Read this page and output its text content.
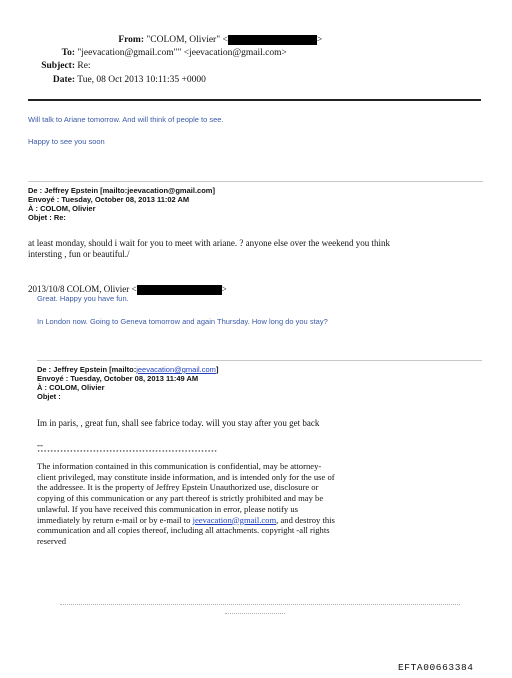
From: "COLOM, Olivier" <	>
To: "jeevacation@gmail.com"" <jeevacation@gmail.com>
Subject: Re:
Date: Tue, 08 Oct 2013 10:11:35 +0000
Will talk to Ariane tomorrow. And will think of people to see.
Happy to see you soon
De : Jeffrey Epstein [mailto:jeevacation@gmail.com]
Envoyé : Tuesday, October 08, 2013 11:02 AM
À : COLOM, Olivier
Objet : Re:
at least monday, should i wait for you to meet with ariane. ? anyone else over the weekend you think
intersting , fun or beautiful./
2013/10/8 COLOM, Olivier <	>
Great. Happy you have fun.
In London now. Going to Geneva tomorrow and again Thursday. How long do you stay?
De : Jeffrey Epstein [mailto:jeevacation@gmail.com]
Envoyé : Tuesday, October 08, 2013 11:49 AM
À : COLOM, Olivier
Objet :
Im in paris, , great fun, shall see fabrice today. will you stay after you get back
--
*******************************************************
The information contained in this communication is confidential, may be attorney-client privileged, may constitute inside information, and is intended only for the use of the addressee. It is the property of Jeffrey Epstein Unauthorized use, disclosure or copying of this communication or any part thereof is strictly prohibited and may be unlawful. If you have received this communication in error, please notify us immediately by return e-mail or by e-mail to jeevacation@gmail.com, and destroy this communication and all copies thereof, including all attachments. copyright -all rights reserved
EFTA00663384
